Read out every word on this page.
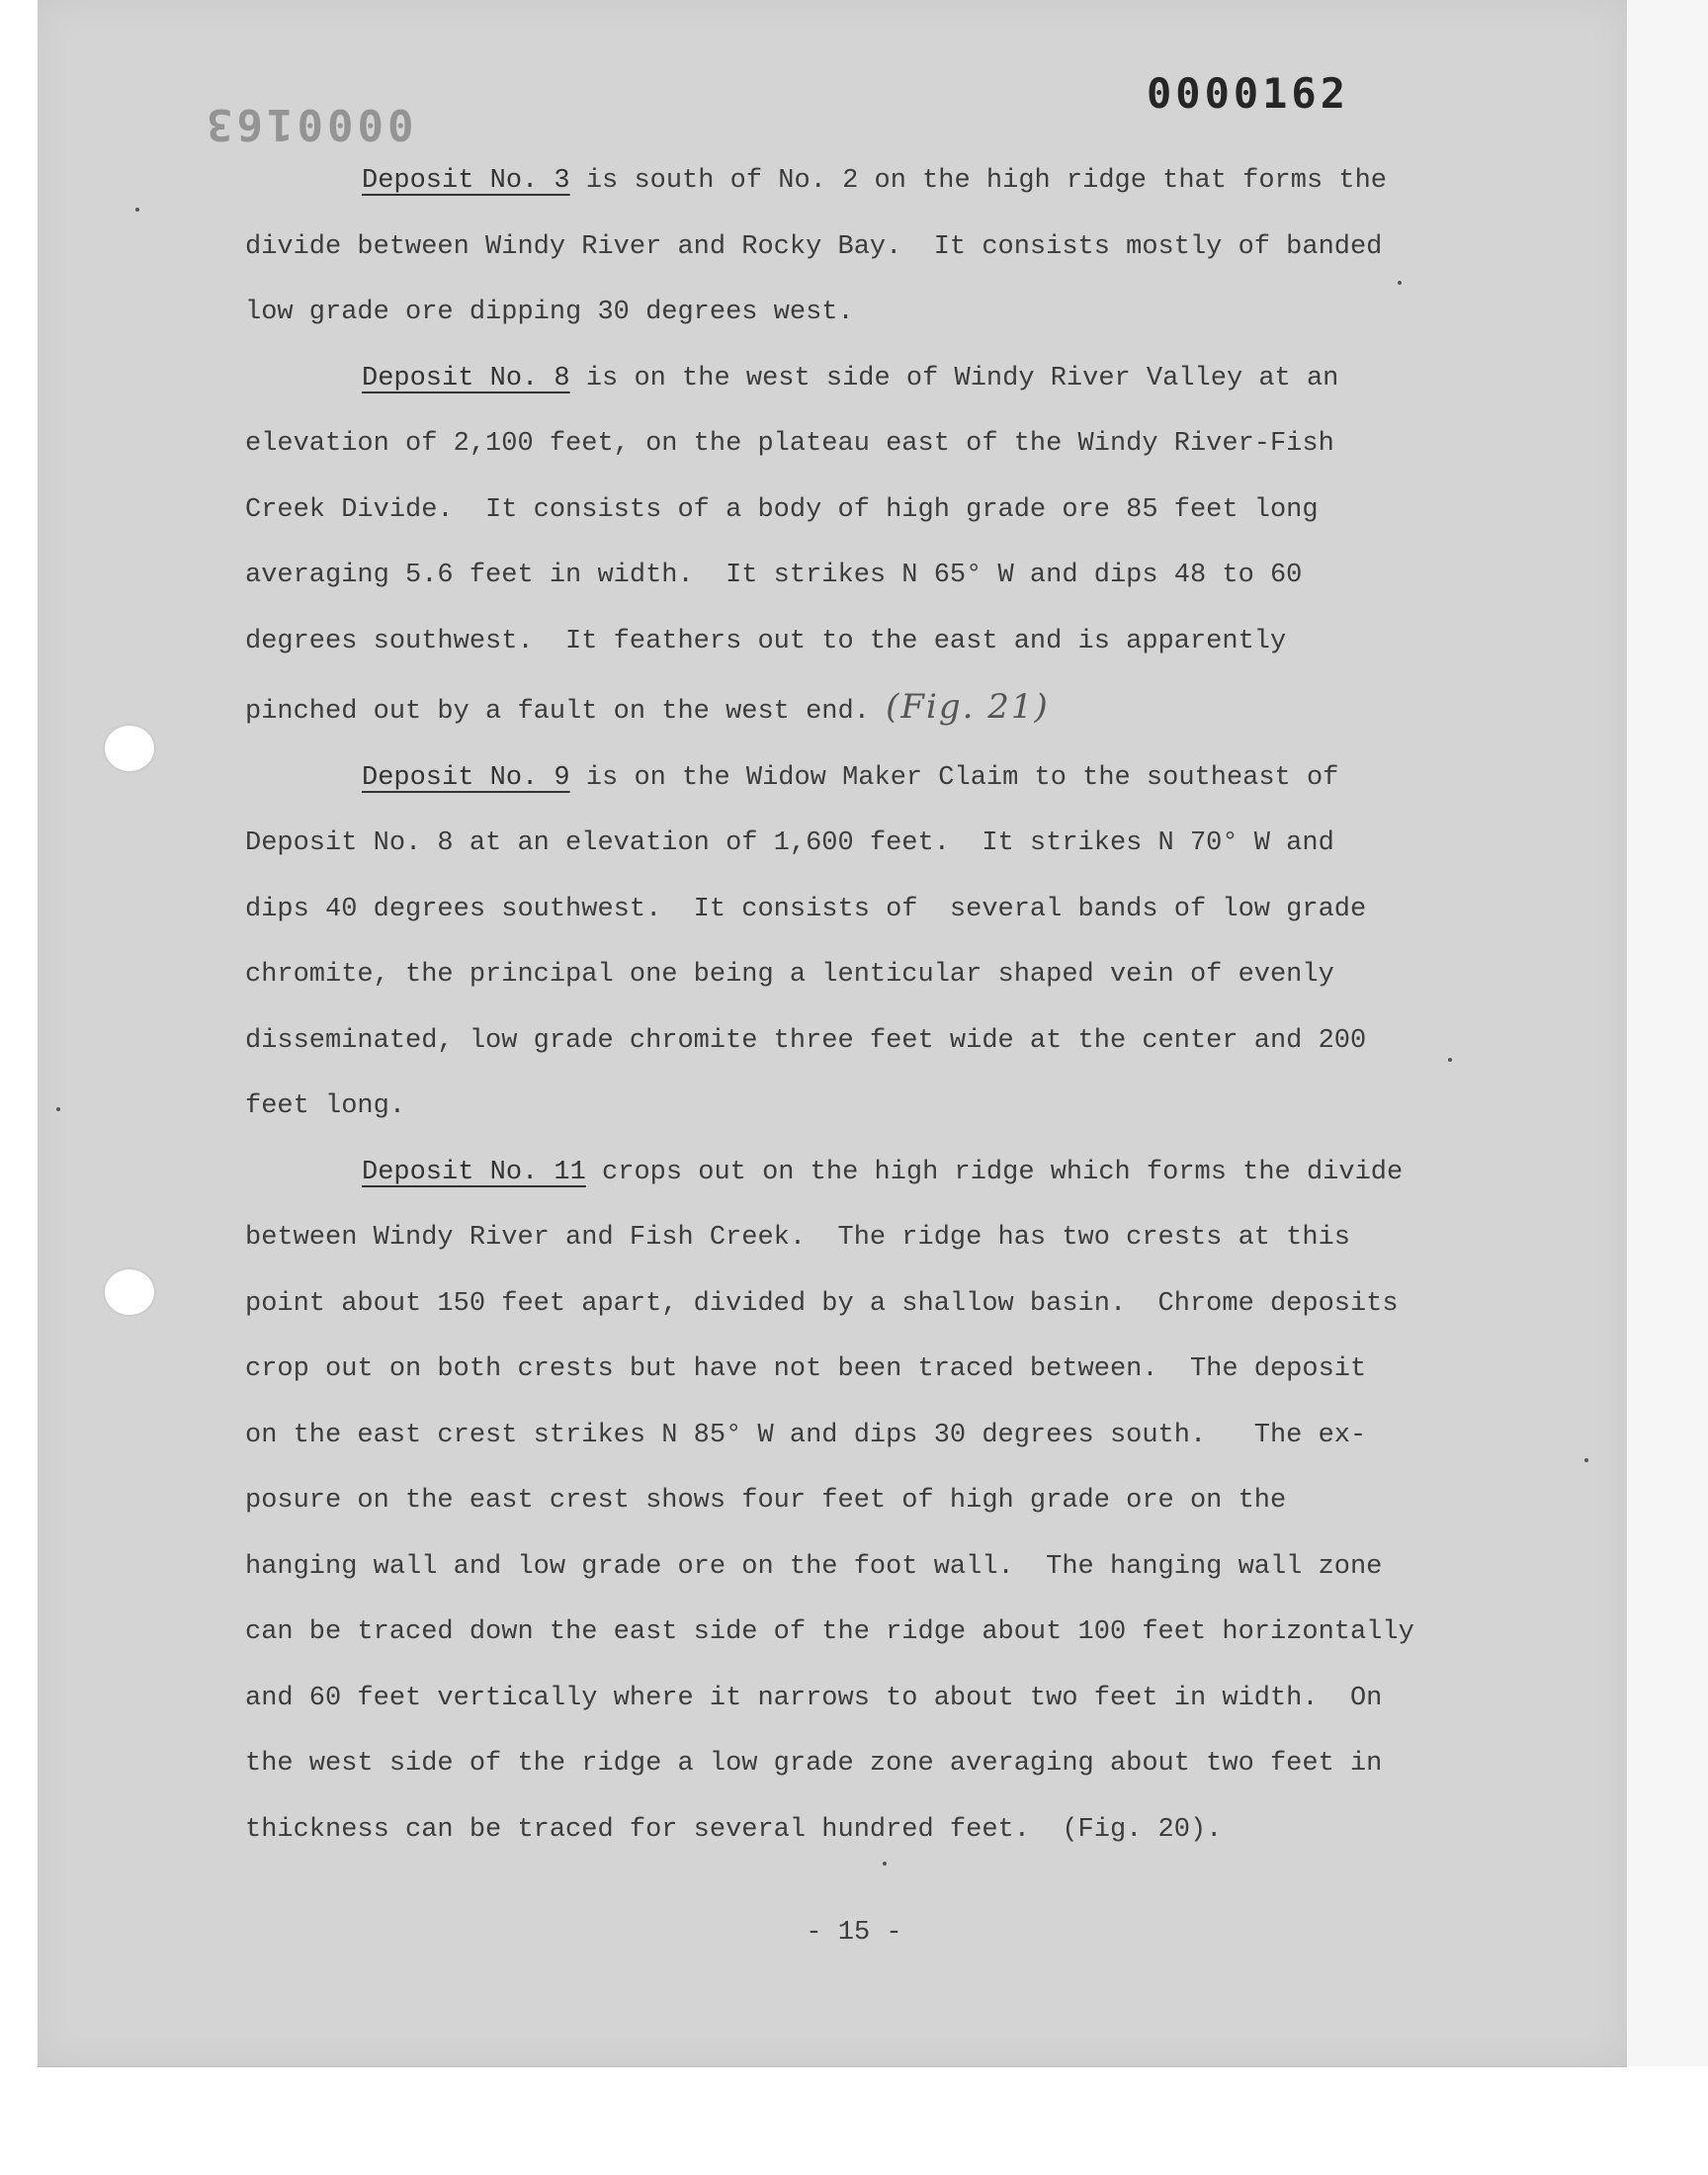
0000162
0000163
Deposit No. 3 is south of No. 2 on the high ridge that forms the
divide between Windy River and Rocky Bay.  It consists mostly of banded
low grade ore dipping 30 degrees west.
Deposit No. 8 is on the west side of Windy River Valley at an
elevation of 2,100 feet, on the plateau east of the Windy River-Fish
Creek Divide.  It consists of a body of high grade ore 85 feet long
averaging 5.6 feet in width.  It strikes N 65° W and dips 48 to 60
degrees southwest.  It feathers out to the east and is apparently
pinched out by a fault on the west end. (Fig. 21)
Deposit No. 9 is on the Widow Maker Claim to the southeast of
Deposit No. 8 at an elevation of 1,600 feet.  It strikes N 70° W and
dips 40 degrees southwest.  It consists of  several bands of low grade
chromite, the principal one being a lenticular shaped vein of evenly
disseminated, low grade chromite three feet wide at the center and 200
feet long.
Deposit No. 11 crops out on the high ridge which forms the divide
between Windy River and Fish Creek.  The ridge has two crests at this
point about 150 feet apart, divided by a shallow basin.  Chrome deposits
crop out on both crests but have not been traced between.  The deposit
on the east crest strikes N 85° W and dips 30 degrees south.   The ex-
posure on the east crest shows four feet of high grade ore on the
hanging wall and low grade ore on the foot wall.  The hanging wall zone
can be traced down the east side of the ridge about 100 feet horizontally
and 60 feet vertically where it narrows to about two feet in width.  On
the west side of the ridge a low grade zone averaging about two feet in
thickness can be traced for several hundred feet.  (Fig. 20).
- 15 -
